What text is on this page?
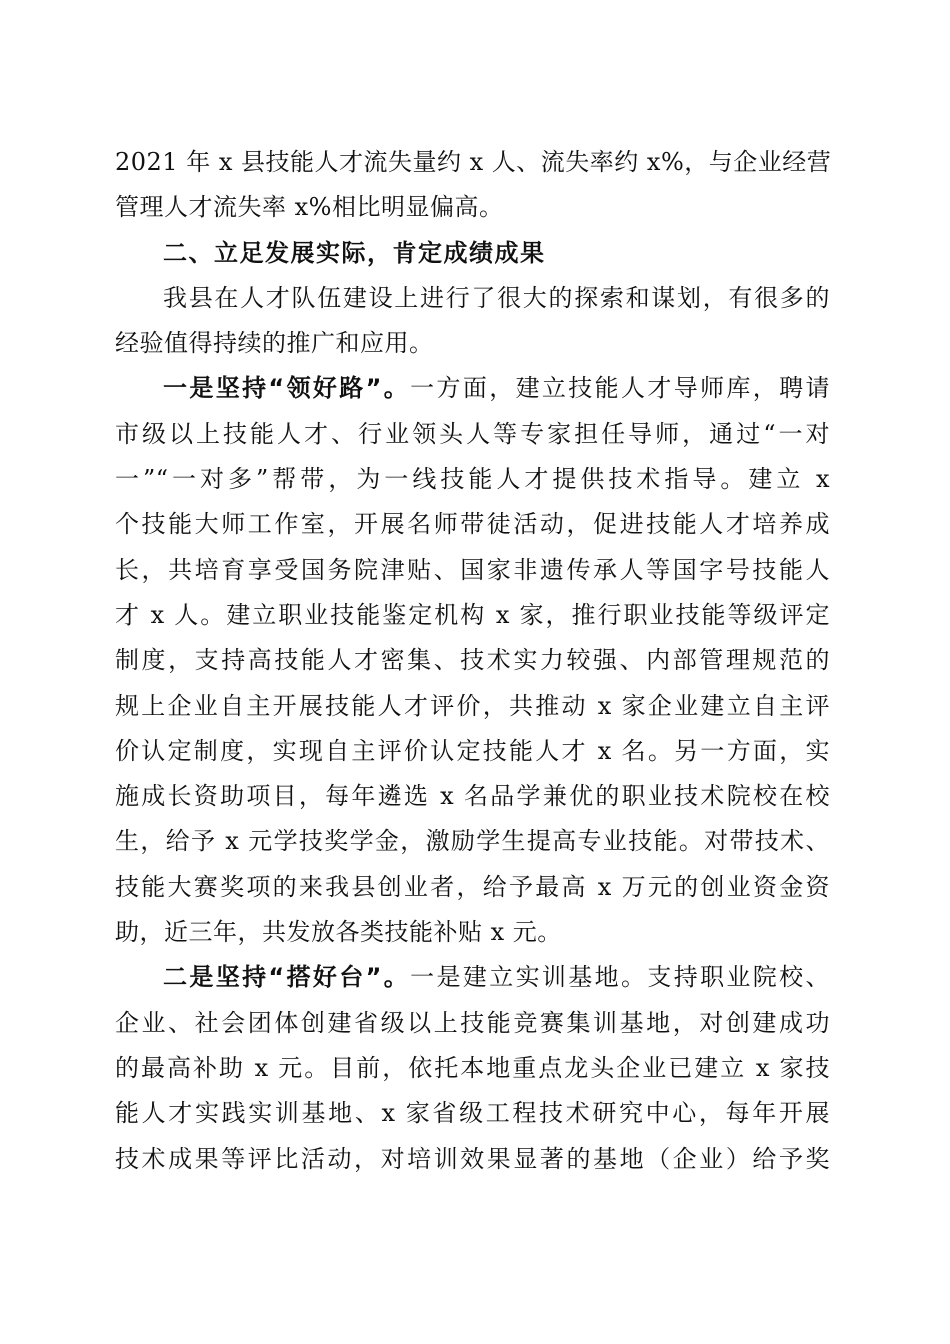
2021 年 x 县技能人才流失量约 x 人、流失率约 x%，与企业经营
管理人才流失率 x%相比明显偏高。
二、立足发展实际，肯定成绩成果
我县在人才队伍建设上进行了很大的探索和谋划，有很多的
经验值得持续的推广和应用。
一是坚持“领好路”。一方面，建立技能人才导师库，聘请
市级以上技能人才、行业领头人等专家担任导师，通过“一对
一”“一对多”帮带，为一线技能人才提供技术指导。建立 x
个技能大师工作室，开展名师带徒活动，促进技能人才培养成
长，共培育享受国务院津贴、国家非遗传承人等国字号技能人
才 x 人。建立职业技能鉴定机构 x 家，推行职业技能等级评定
制度，支持高技能人才密集、技术实力较强、内部管理规范的
规上企业自主开展技能人才评价，共推动 x 家企业建立自主评
价认定制度，实现自主评价认定技能人才 x 名。另一方面，实
施成长资助项目，每年遴选 x 名品学兼优的职业技术院校在校
生，给予 x 元学技奖学金，激励学生提高专业技能。对带技术、
技能大赛奖项的来我县创业者，给予最高 x 万元的创业资金资
助，近三年，共发放各类技能补贴 x 元。
二是坚持“搭好台”。一是建立实训基地。支持职业院校、
企业、社会团体创建省级以上技能竞赛集训基地，对创建成功
的最高补助 x 元。目前，依托本地重点龙头企业已建立 x 家技
能人才实践实训基地、x 家省级工程技术研究中心，每年开展
技术成果等评比活动，对培训效果显著的基地（企业）给予奖
